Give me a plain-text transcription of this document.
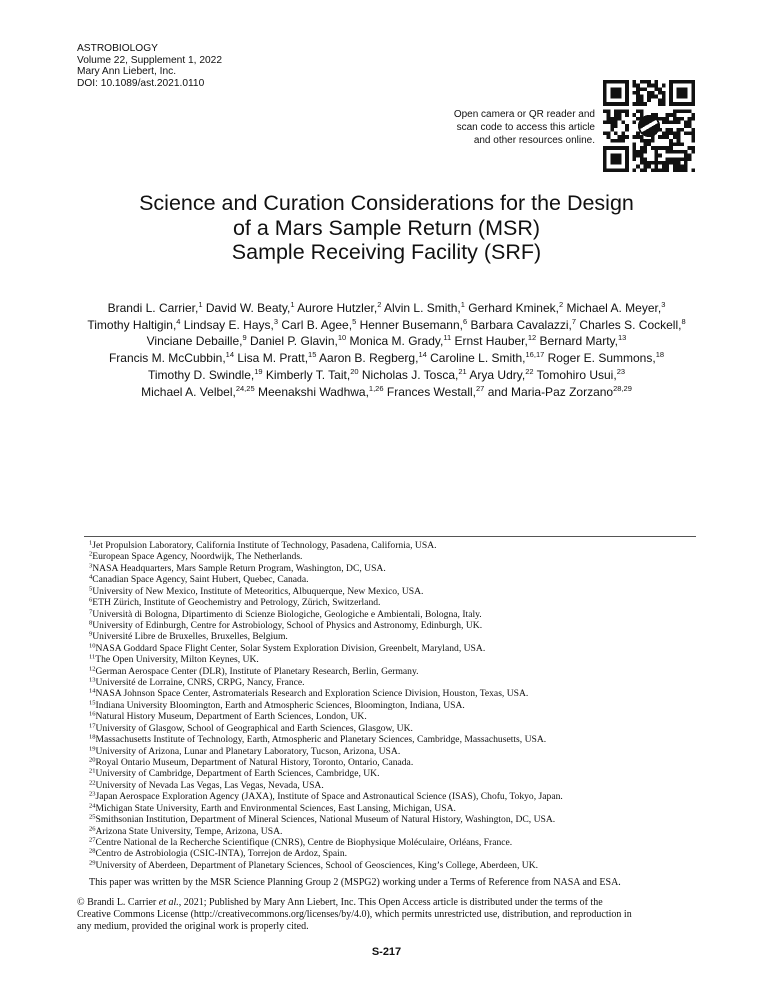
ASTROBIOLOGY
Volume 22, Supplement 1, 2022
Mary Ann Liebert, Inc.
DOI: 10.1089/ast.2021.0110
Open camera or QR reader and
scan code to access this article
and other resources online.
Science and Curation Considerations for the Design
of a Mars Sample Return (MSR)
Sample Receiving Facility (SRF)
Brandi L. Carrier,$^1$ David W. Beaty,$^1$ Aurore Hutzler,$^2$ Alvin L. Smith,$^1$ Gerhard Kminek,$^2$ Michael A. Meyer,$^3$
Timothy Haltigin,$^4$ Lindsay E. Hays,$^3$ Carl B. Agee,$^5$ Henner Busemann,$^6$ Barbara Cavalazzi,$^7$ Charles S. Cockell,$^8$
Vinciane Debaille,$^9$ Daniel P. Glavin,$^{10}$ Monica M. Grady,$^{11}$ Ernst Hauber,$^{12}$ Bernard Marty,$^{13}$
Francis M. McCubbin,$^{14}$ Lisa M. Pratt,$^{15}$ Aaron B. Regberg,$^{14}$ Caroline L. Smith,$^{16,17}$ Roger E. Summons,$^{18}$
Timothy D. Swindle,$^{19}$ Kimberly T. Tait,$^{20}$ Nicholas J. Tosca,$^{21}$ Arya Udry,$^{22}$ Tomohiro Usui,$^{23}$
Michael A. Velbel,$^{24,25}$ Meenakshi Wadhwa,$^{1,26}$ Frances Westall,$^{27}$ and Maria-Paz Zorzano$^{28,29}$
$^1$Jet Propulsion Laboratory, California Institute of Technology, Pasadena, California, USA.
$^2$European Space Agency, Noordwijk, The Netherlands.
$^3$NASA Headquarters, Mars Sample Return Program, Washington, DC, USA.
$^4$Canadian Space Agency, Saint Hubert, Quebec, Canada.
$^5$University of New Mexico, Institute of Meteoritics, Albuquerque, New Mexico, USA.
$^6$ETH Zürich, Institute of Geochemistry and Petrology, Zürich, Switzerland.
$^7$Università di Bologna, Dipartimento di Scienze Biologiche, Geologiche e Ambientali, Bologna, Italy.
$^8$University of Edinburgh, Centre for Astrobiology, School of Physics and Astronomy, Edinburgh, UK.
$^9$Université Libre de Bruxelles, Bruxelles, Belgium.
$^{10}$NASA Goddard Space Flight Center, Solar System Exploration Division, Greenbelt, Maryland, USA.
$^{11}$The Open University, Milton Keynes, UK.
$^{12}$German Aerospace Center (DLR), Institute of Planetary Research, Berlin, Germany.
$^{13}$Université de Lorraine, CNRS, CRPG, Nancy, France.
$^{14}$NASA Johnson Space Center, Astromaterials Research and Exploration Science Division, Houston, Texas, USA.
$^{15}$Indiana University Bloomington, Earth and Atmospheric Sciences, Bloomington, Indiana, USA.
$^{16}$Natural History Museum, Department of Earth Sciences, London, UK.
$^{17}$University of Glasgow, School of Geographical and Earth Sciences, Glasgow, UK.
$^{18}$Massachusetts Institute of Technology, Earth, Atmospheric and Planetary Sciences, Cambridge, Massachusetts, USA.
$^{19}$University of Arizona, Lunar and Planetary Laboratory, Tucson, Arizona, USA.
$^{20}$Royal Ontario Museum, Department of Natural History, Toronto, Ontario, Canada.
$^{21}$University of Cambridge, Department of Earth Sciences, Cambridge, UK.
$^{22}$University of Nevada Las Vegas, Las Vegas, Nevada, USA.
$^{23}$Japan Aerospace Exploration Agency (JAXA), Institute of Space and Astronautical Science (ISAS), Chofu, Tokyo, Japan.
$^{24}$Michigan State University, Earth and Environmental Sciences, East Lansing, Michigan, USA.
$^{25}$Smithsonian Institution, Department of Mineral Sciences, National Museum of Natural History, Washington, DC, USA.
$^{26}$Arizona State University, Tempe, Arizona, USA.
$^{27}$Centre National de la Recherche Scientifique (CNRS), Centre de Biophysique Moléculaire, Orléans, France.
$^{28}$Centro de Astrobiologia (CSIC-INTA), Torrejon de Ardoz, Spain.
$^{29}$University of Aberdeen, Department of Planetary Sciences, School of Geosciences, King’s College, Aberdeen, UK.
This paper was written by the MSR Science Planning Group 2 (MSPG2) working under a Terms of Reference from NASA and ESA.
© Brandi L. Carrier et al., 2021; Published by Mary Ann Liebert, Inc. This Open Access article is distributed under the terms of the
Creative Commons License (http://creativecommons.org/licenses/by/4.0), which permits unrestricted use, distribution, and reproduction in
any medium, provided the original work is properly cited.
S-217
